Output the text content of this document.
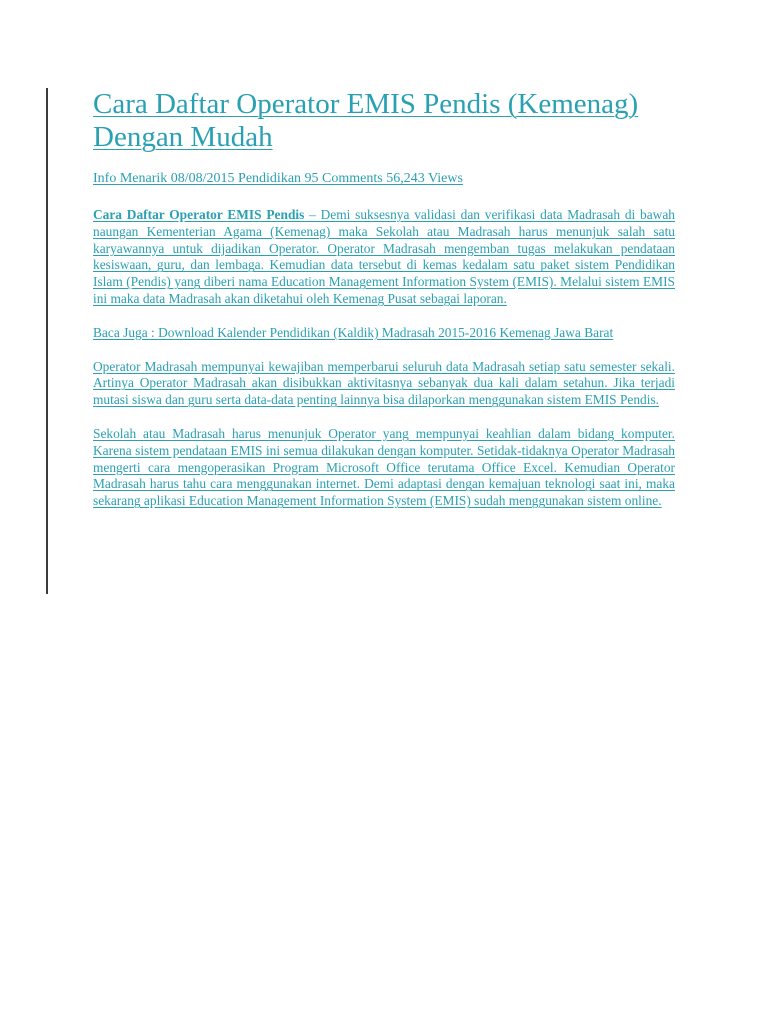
Cara Daftar Operator EMIS Pendis (Kemenag) Dengan Mudah
Info Menarik 08/08/2015 Pendidikan 95 Comments 56,243 Views

Cara Daftar Operator EMIS Pendis – Demi suksesnya validasi dan verifikasi data Madrasah di bawah naungan Kementerian Agama (Kemenag) maka Sekolah atau Madrasah harus menunjuk salah satu karyawannya untuk dijadikan Operator. Operator Madrasah mengemban tugas melakukan pendataan kesiswaan, guru, dan lembaga. Kemudian data tersebut di kemas kedalam satu paket sistem Pendidikan Islam (Pendis) yang diberi nama Education Management Information System (EMIS). Melalui sistem EMIS ini maka data Madrasah akan diketahui oleh Kemenag Pusat sebagai laporan.

Baca Juga : Download Kalender Pendidikan (Kaldik) Madrasah 2015-2016 Kemenag Jawa Barat

Operator Madrasah mempunyai kewajiban memperbarui seluruh data Madrasah setiap satu semester sekali. Artinya Operator Madrasah akan disibukkan aktivitasnya sebanyak dua kali dalam setahun. Jika terjadi mutasi siswa dan guru serta data-data penting lainnya bisa dilaporkan menggunakan sistem EMIS Pendis.

Sekolah atau Madrasah harus menunjuk Operator yang mempunyai keahlian dalam bidang komputer. Karena sistem pendataan EMIS ini semua dilakukan dengan komputer. Setidak-tidaknya Operator Madrasah mengerti cara mengoperasikan Program Microsoft Office terutama Office Excel. Kemudian Operator Madrasah harus tahu cara menggunakan internet. Demi adaptasi dengan kemajuan teknologi saat ini, maka sekarang aplikasi Education Management Information System (EMIS) sudah menggunakan sistem online.
